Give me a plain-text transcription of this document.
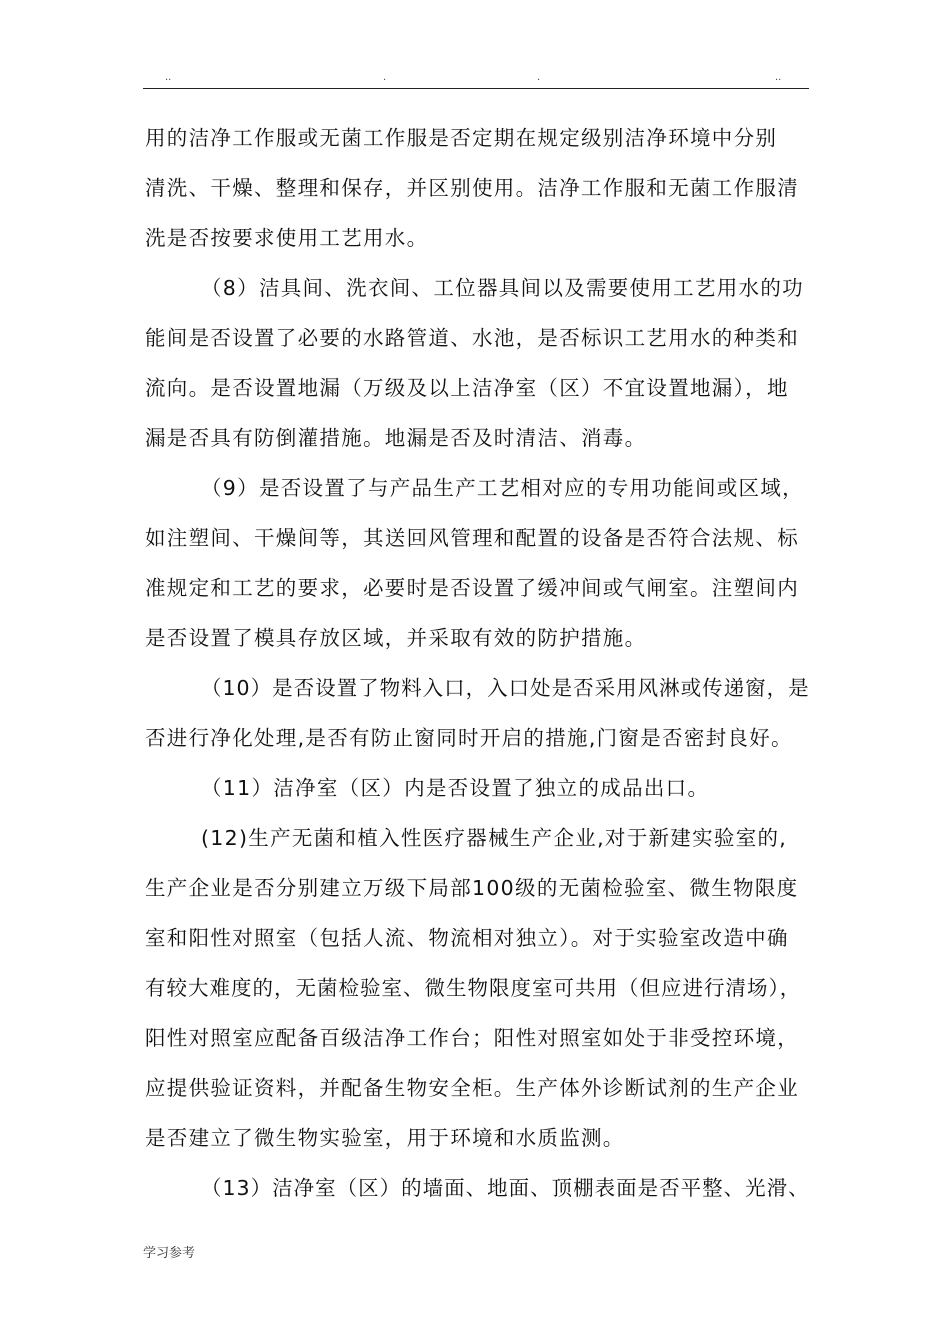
..	.	.	..
用的洁净工作服或无菌工作服是否定期在规定级别洁净环境中分别
清洗、干燥、整理和保存，并区别使用。洁净工作服和无菌工作服清
洗是否按要求使用工艺用水。
（8）洁具间、洗衣间、工位器具间以及需要使用工艺用水的功
能间是否设置了必要的水路管道、水池，是否标识工艺用水的种类和
流向。是否设置地漏（万级及以上洁净室（区）不宜设置地漏），地
漏是否具有防倒灌措施。地漏是否及时清洁、消毒。
（9）是否设置了与产品生产工艺相对应的专用功能间或区域，
如注塑间、干燥间等，其送回风管理和配置的设备是否符合法规、标
准规定和工艺的要求，必要时是否设置了缓冲间或气闸室。注塑间内
是否设置了模具存放区域，并采取有效的防护措施。
（10）是否设置了物料入口，入口处是否采用风淋或传递窗，是
否进行净化处理,是否有防止窗同时开启的措施,门窗是否密封良好。
（11）洁净室（区）内是否设置了独立的成品出口。
(12)生产无菌和植入性医疗器械生产企业,对于新建实验室的,
生产企业是否分别建立万级下局部100级的无菌检验室、微生物限度
室和阳性对照室（包括人流、物流相对独立）。对于实验室改造中确
有较大难度的，无菌检验室、微生物限度室可共用（但应进行清场），
阳性对照室应配备百级洁净工作台；阳性对照室如处于非受控环境，
应提供验证资料，并配备生物安全柜。生产体外诊断试剂的生产企业
是否建立了微生物实验室，用于环境和水质监测。
（13）洁净室（区）的墙面、地面、顶棚表面是否平整、光滑、
学习参考
